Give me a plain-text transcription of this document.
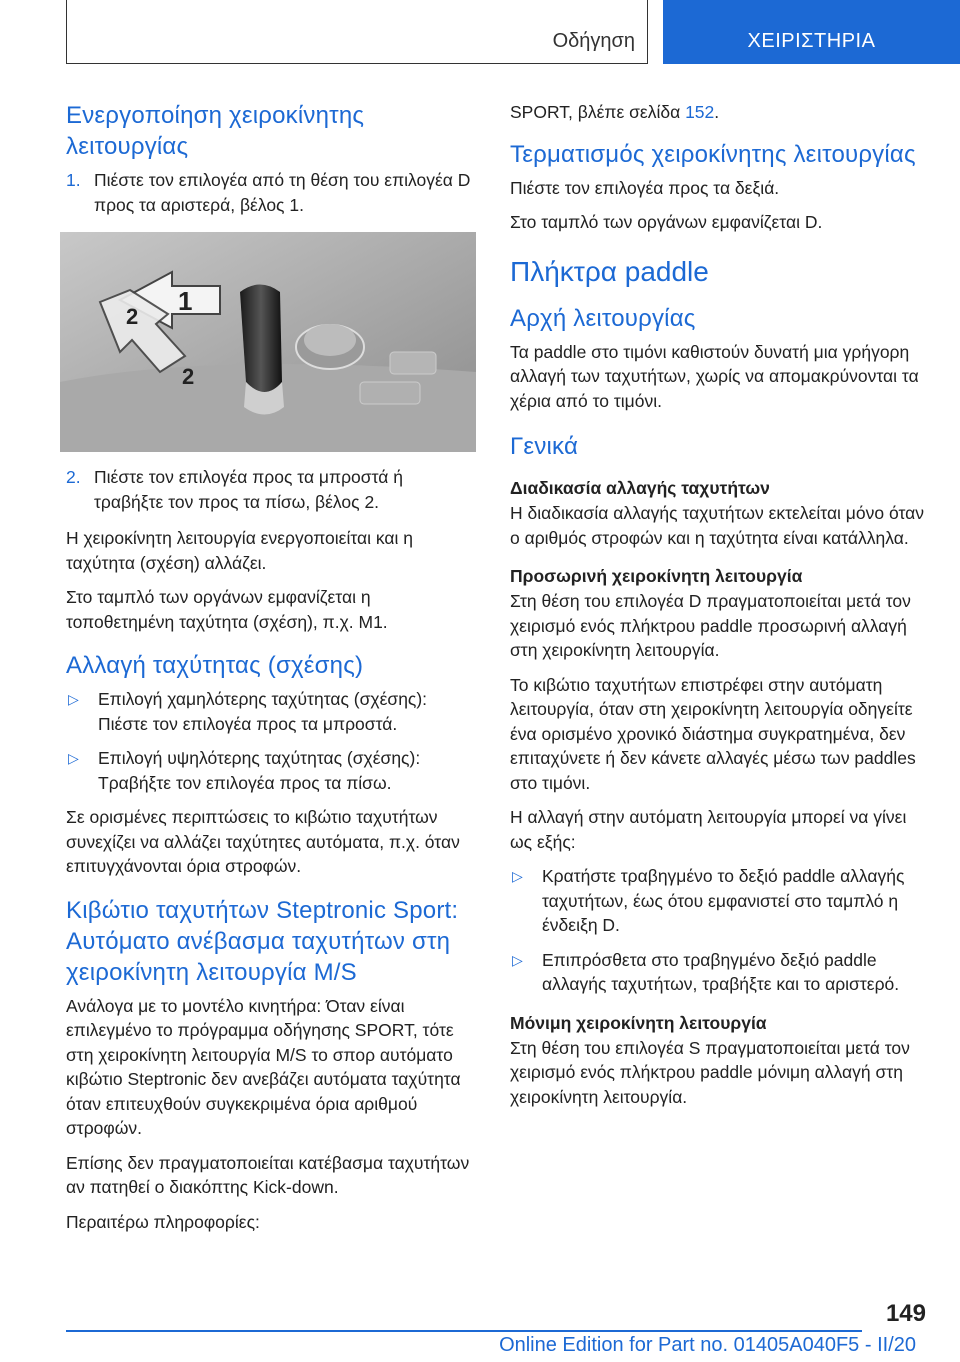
Οδήγηση	ΧΕΙΡΙΣΤΗΡΙΑ
Ενεργοποίηση χειροκίνητης λειτουργίας
1. Πιέστε τον επιλογέα από τη θέση του επιλογέα D προς τα αριστερά, βέλος 1.
2. Πιέστε τον επιλογέα προς τα μπροστά ή τραβήξτε τον προς τα πίσω, βέλος 2.

Η χειροκίνητη λειτουργία ενεργοποιείται και η ταχύτητα (σχέση) αλλάζει.

Στο ταμπλό των οργάνων εμφανίζεται η τοποθετημένη ταχύτητα (σχέση), π.χ. M1.

Αλλαγή ταχύτητας (σχέσης)
▷	Επιλογή χαμηλότερης ταχύτητας (σχέσης): Πιέστε τον επιλογέα προς τα μπροστά.
▷	Επιλογή υψηλότερης ταχύτητας (σχέσης): Τραβήξτε τον επιλογέα προς τα πίσω.

Σε ορισμένες περιπτώσεις το κιβώτιο ταχυτήτων συνεχίζει να αλλάζει ταχύτητες αυτόματα, π.χ. όταν επιτυγχάνονται όρια στροφών.

Κιβώτιο ταχυτήτων Steptronic Sport: Αυτόματο ανέβασμα ταχυτήτων στη χειροκίνητη λειτουργία M/S

Ανάλογα με το μοντέλο κινητήρα: Όταν είναι επιλεγμένο το πρόγραμμα οδήγησης SPORT, τότε στη χειροκίνητη λειτουργία M/S το σπορ αυτόματο κιβώτιο Steptronic δεν ανεβάζει αυτόματα ταχύτητα όταν επιτευχθούν συγκεκριμένα όρια αριθμού στροφών.

Επίσης δεν πραγματοποιείται κατέβασμα ταχυτήτων αν πατηθεί ο διακόπτης Kick-down.

Περαιτέρω πληροφορίες:

1
2
2

SPORT, βλέπε σελίδα 152.

Τερματισμός χειροκίνητης λειτουργίας

Πιέστε τον επιλογέα προς τα δεξιά.

Στο ταμπλό των οργάνων εμφανίζεται D.

Πλήκτρα paddle
Αρχή λειτουργίας

Τα paddle στο τιμόνι καθιστούν δυνατή μια γρήγορη αλλαγή των ταχυτήτων, χωρίς να απομακρύνονται τα χέρια από το τιμόνι.

Γενικά
Διαδικασία αλλαγής ταχυτήτων

Η διαδικασία αλλαγής ταχυτήτων εκτελείται μόνο όταν ο αριθμός στροφών και η ταχύτητα είναι κατάλληλα.

Προσωρινή χειροκίνητη λειτουργία

Στη θέση του επιλογέα D πραγματοποιείται μετά τον χειρισμό ενός πλήκτρου paddle προσωρινή αλλαγή στη χειροκίνητη λειτουργία.

Το κιβώτιο ταχυτήτων επιστρέφει στην αυτόματη λειτουργία, όταν στη χειροκίνητη λειτουργία οδηγείτε ένα ορισμένο χρονικό διάστημα συγκρατημένα, δεν επιταχύνετε ή δεν κάνετε αλλαγές μέσω των paddles στο τιμόνι.

Η αλλαγή στην αυτόματη λειτουργία μπορεί να γίνει ως εξής:

▷	Κρατήστε τραβηγμένο το δεξιό paddle αλλαγής ταχυτήτων, έως ότου εμφανιστεί στο ταμπλό η ένδειξη D.
▷	Επιπρόσθετα στο τραβηγμένο δεξιό paddle αλλαγής ταχυτήτων, τραβήξτε και το αριστερό.
Μόνιμη χειροκίνητη λειτουργία

Στη θέση του επιλογέα S πραγματοποιείται μετά τον χειρισμό ενός πλήκτρου paddle μόνιμη αλλαγή στη χειροκίνητη λειτουργία.

149
Online Edition for Part no. 01405A040F5 - II/20
